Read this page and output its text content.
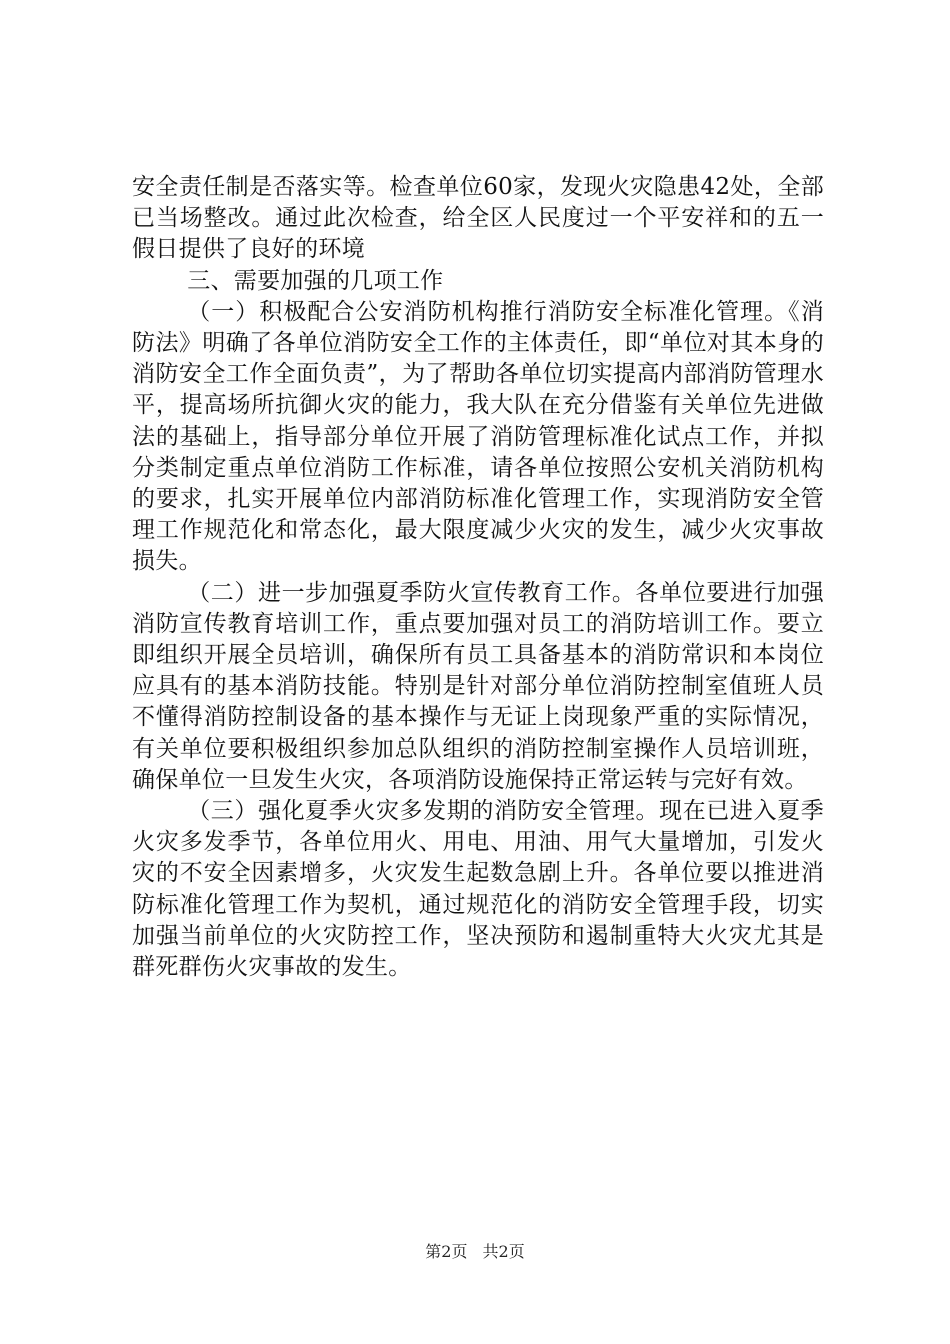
安全责任制是否落实等。检查单位60家，发现火灾隐患42处，全部已当场整改。通过此次检查，给全区人民度过一个平安祥和的五一假日提供了良好的环境

三、需要加强的几项工作

（一）积极配合公安消防机构推行消防安全标准化管理。《消防法》明确了各单位消防安全工作的主体责任，即“单位对其本身的消防安全工作全面负责”，为了帮助各单位切实提高内部消防管理水平，提高场所抗御火灾的能力，我大队在充分借鉴有关单位先进做法的基础上，指导部分单位开展了消防管理标准化试点工作，并拟分类制定重点单位消防工作标准，请各单位按照公安机关消防机构的要求，扎实开展单位内部消防标准化管理工作，实现消防安全管理工作规范化和常态化，最大限度减少火灾的发生，减少火灾事故损失。

（二）进一步加强夏季防火宣传教育工作。各单位要进行加强消防宣传教育培训工作，重点要加强对员工的消防培训工作。要立即组织开展全员培训，确保所有员工具备基本的消防常识和本岗位应具有的基本消防技能。特别是针对部分单位消防控制室值班人员不懂得消防控制设备的基本操作与无证上岗现象严重的实际情况，有关单位要积极组织参加总队组织的消防控制室操作人员培训班，确保单位一旦发生火灾，各项消防设施保持正常运转与完好有效。

（三）强化夏季火灾多发期的消防安全管理。现在已进入夏季火灾多发季节，各单位用火、用电、用油、用气大量增加，引发火灾的不安全因素增多，火灾发生起数急剧上升。各单位要以推进消防标准化管理工作为契机，通过规范化的消防安全管理手段，切实加强当前单位的火灾防控工作，坚决预防和遏制重特大火灾尤其是群死群伤火灾事故的发生。

第2页 共2页
